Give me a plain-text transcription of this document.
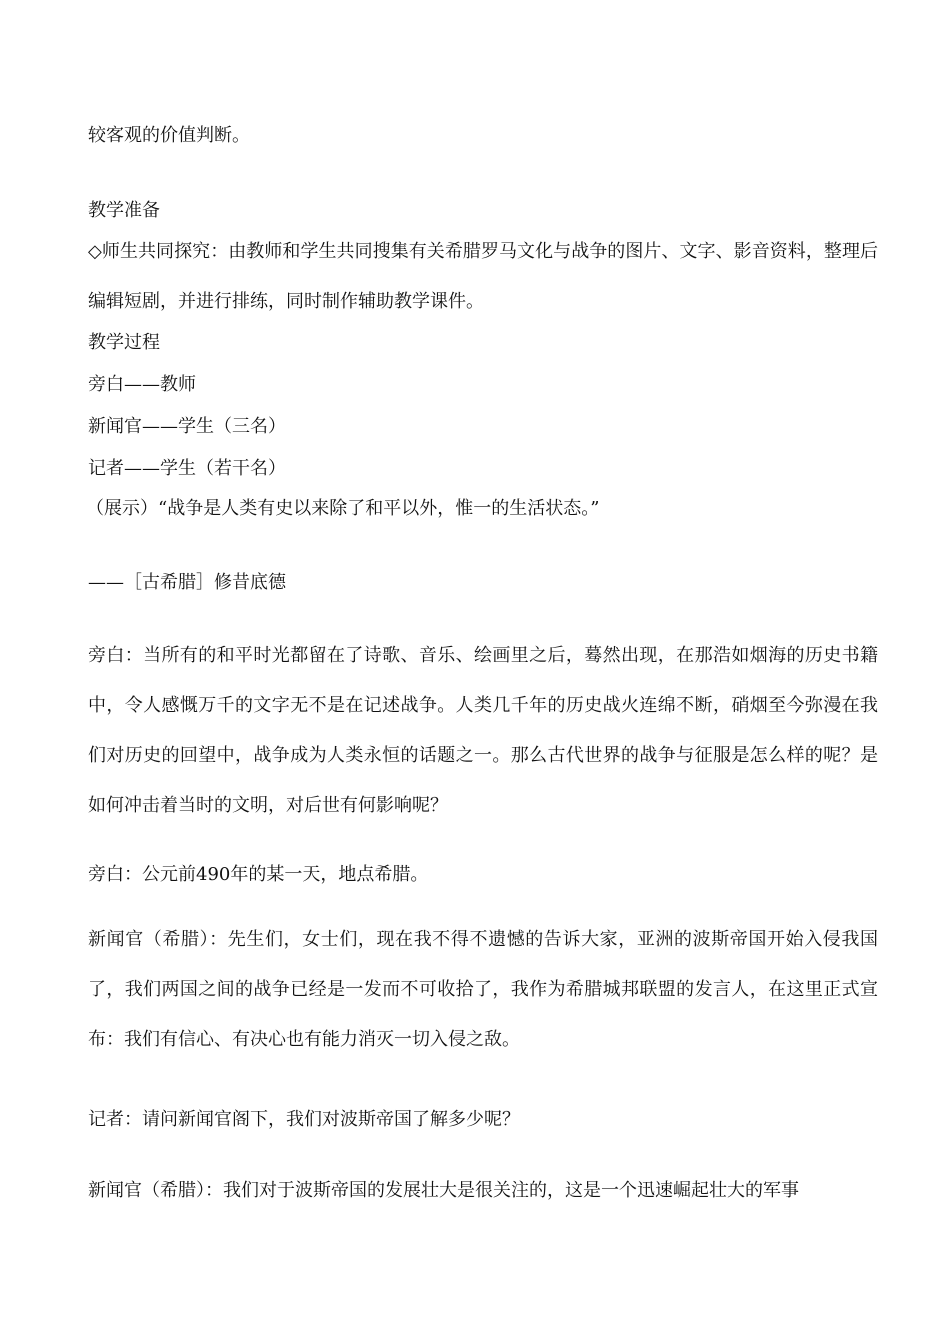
较客观的价值判断。
教学准备
◇师生共同探究：由教师和学生共同搜集有关希腊罗马文化与战争的图片、文字、影音资料，整理后编辑短剧，并进行排练，同时制作辅助教学课件。
教学过程
旁白——教师
新闻官——学生（三名）
记者——学生（若干名）
（展示）“战争是人类有史以来除了和平以外，惟一的生活状态。”
——［古希腊］修昔底德
旁白：当所有的和平时光都留在了诗歌、音乐、绘画里之后，蓦然出现，在那浩如烟海的历史书籍中，令人感慨万千的文字无不是在记述战争。人类几千年的历史战火连绵不断，硝烟至今弥漫在我们对历史的回望中，战争成为人类永恒的话题之一。那么古代世界的战争与征服是怎么样的呢？是如何冲击着当时的文明，对后世有何影响呢？
旁白：公元前490年的某一天，地点希腊。
新闻官（希腊）：先生们，女士们，现在我不得不遗憾的告诉大家，亚洲的波斯帝国开始入侵我国了，我们两国之间的战争已经是一发而不可收拾了，我作为希腊城邦联盟的发言人，在这里正式宣布：我们有信心、有决心也有能力消灭一切入侵之敌。
记者：请问新闻官阁下，我们对波斯帝国了解多少呢？
新闻官（希腊）：我们对于波斯帝国的发展壮大是很关注的，这是一个迅速崛起壮大的军事
